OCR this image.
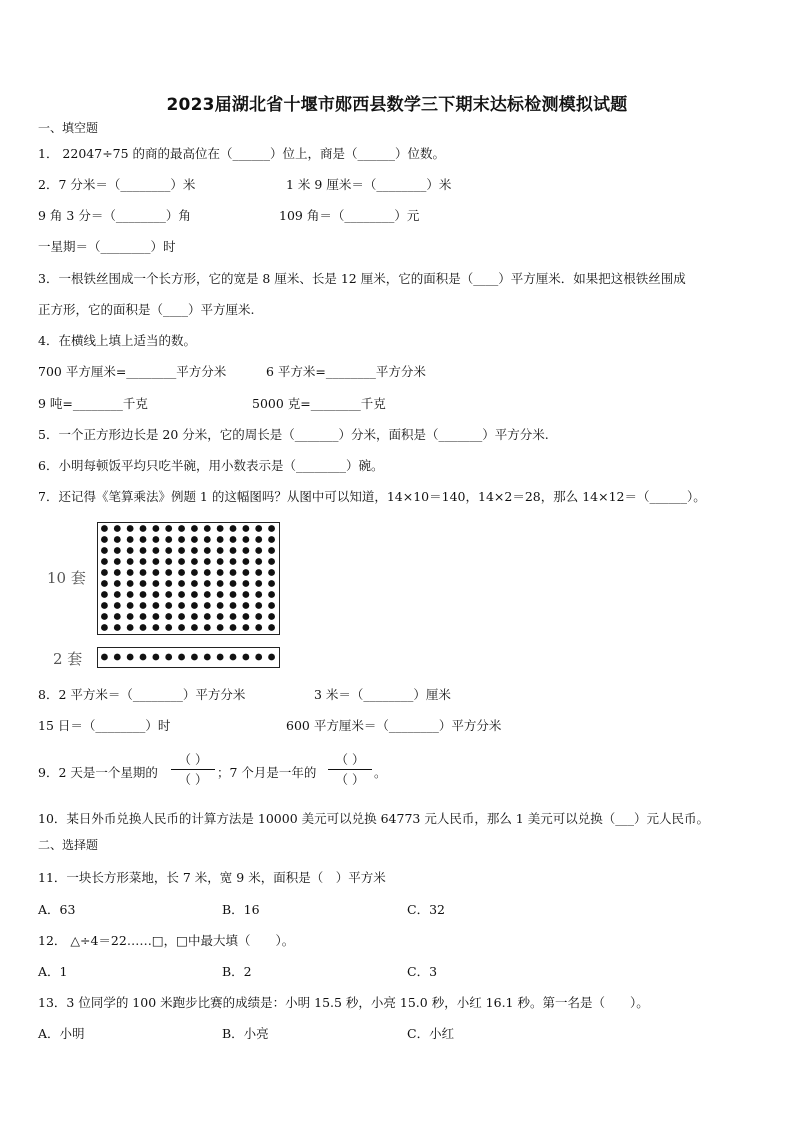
2023届湖北省十堰市郧西县数学三下期末达标检测模拟试题
一、填空题
1． 22047÷75 的商的最高位在（______）位上，商是（______）位数。
2．7 分米＝（________）米	1 米 9 厘米＝（________）米
9 角 3 分＝（________）角	109 角＝（________）元
一星期＝（________）时
3．一根铁丝围成一个长方形，它的宽是 8 厘米、长是 12 厘米，它的面积是（____）平方厘米．如果把这根铁丝围成
正方形，它的面积是（____）平方厘米.
4．在横线上填上适当的数。
700 平方厘米=________平方分米	6 平方米=________平方分米
9 吨=________千克	5000 克=________千克
5．一个正方形边长是 20 分米，它的周长是（_______）分米，面积是（_______）平方分米.
6．小明每顿饭平均只吃半碗，用小数表示是（________）碗。
7．还记得《笔算乘法》例题 1 的这幅图吗？从图中可以知道，14×10＝140，14×2＝28，那么 14×12＝（______）。
10 套
2 套
8．2 平方米＝（________）平方分米	3 米＝（________）厘米
15 日＝（________）时	600 平方厘米＝（________）平方分米
9．2 天是一个星期的
（ ）
（ ） ；7 个月是一年的
（ ）
（ ） 。
10．某日外币兑换人民币的计算方法是 10000 美元可以兑换 64773 元人民币，那么 1 美元可以兑换（___）元人民币。
二、选择题
11．一块长方形菜地，长 7 米，宽 9 米，面积是（　）平方米
A．63	B．16	C．32
12． △÷4＝22……□，□中最大填（　　）。
A．1	B．2	C．3
13．3 位同学的 100 米跑步比赛的成绩是：小明 15.5 秒，小亮 15.0 秒，小红 16.1 秒。第一名是（　　）。
A．小明	B．小亮	C．小红
